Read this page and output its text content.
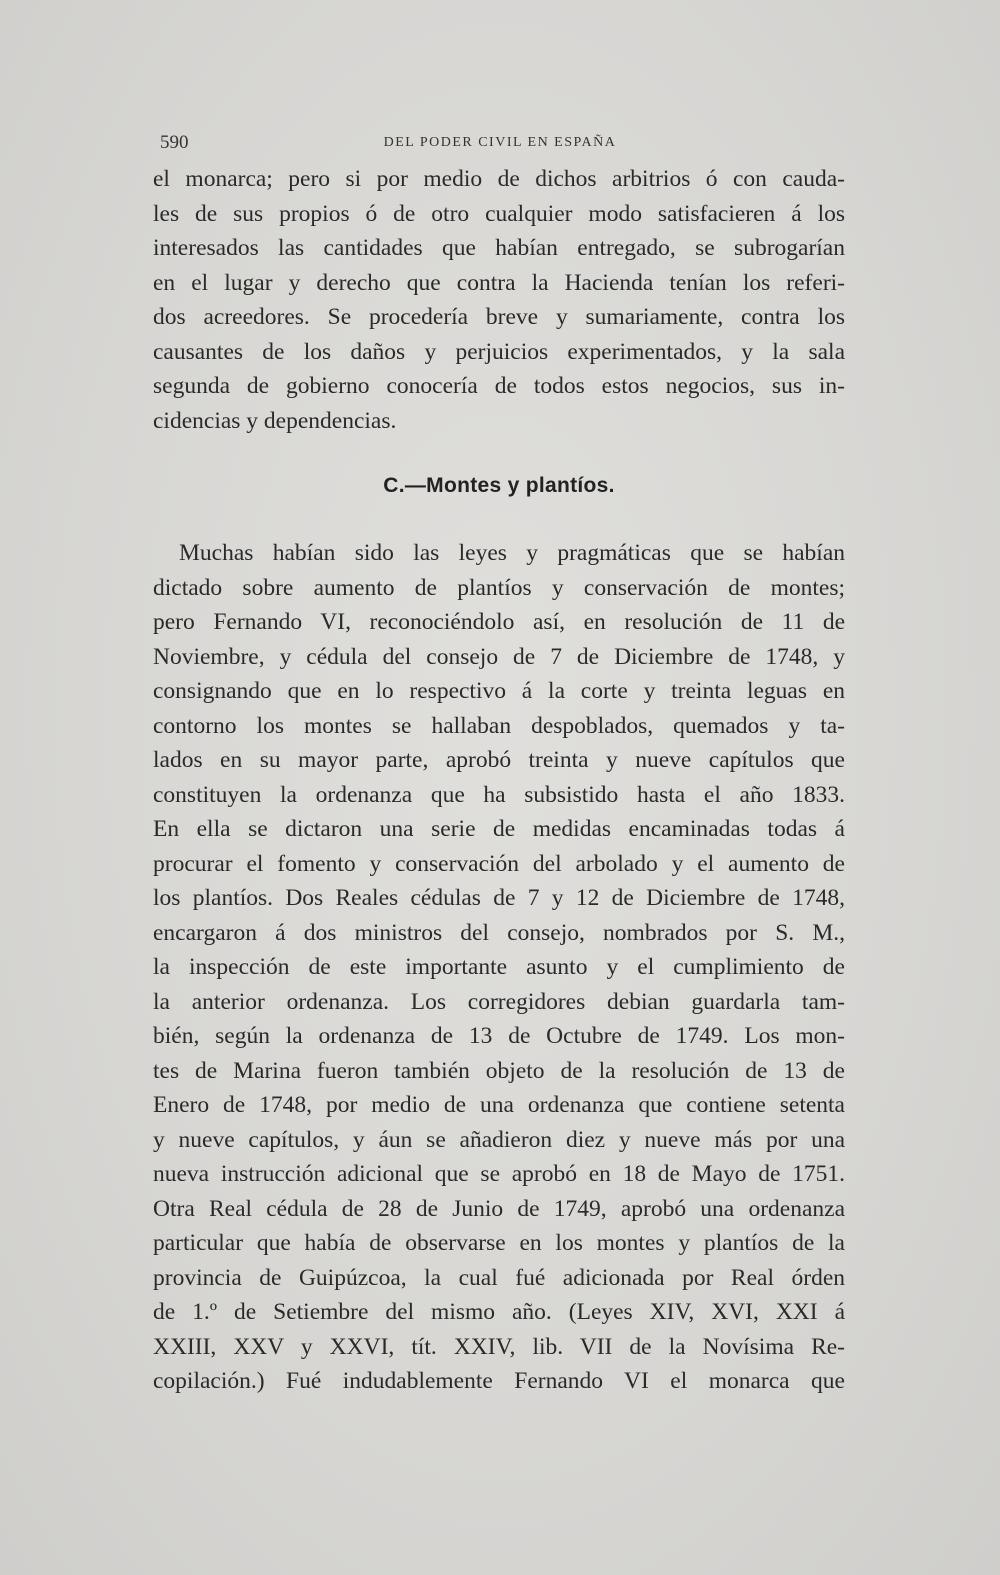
590	DEL PODER CIVIL EN ESPAÑA
el monarca; pero si por medio de dichos arbitrios ó con cauda-
les de sus propios ó de otro cualquier modo satisfacieren á los
interesados las cantidades que habían entregado, se subrogarían
en el lugar y derecho que contra la Hacienda tenían los referi-
dos acreedores. Se procedería breve y sumariamente, contra los
causantes de los daños y perjuicios experimentados, y la sala
segunda de gobierno conocería de todos estos negocios, sus in-
cidencias y dependencias.
C.—Montes y plantíos.
Muchas habían sido las leyes y pragmáticas que se habían
dictado sobre aumento de plantíos y conservación de montes;
pero Fernando VI, reconociéndolo así, en resolución de 11 de
Noviembre, y cédula del consejo de 7 de Diciembre de 1748, y
consignando que en lo respectivo á la corte y treinta leguas en
contorno los montes se hallaban despoblados, quemados y ta-
lados en su mayor parte, aprobó treinta y nueve capítulos que
constituyen la ordenanza que ha subsistido hasta el año 1833.
En ella se dictaron una serie de medidas encaminadas todas á
procurar el fomento y conservación del arbolado y el aumento de
los plantíos. Dos Reales cédulas de 7 y 12 de Diciembre de 1748,
encargaron á dos ministros del consejo, nombrados por S. M.,
la inspección de este importante asunto y el cumplimiento de
la anterior ordenanza. Los corregidores debian guardarla tam-
bién, según la ordenanza de 13 de Octubre de 1749. Los mon-
tes de Marina fueron también objeto de la resolución de 13 de
Enero de 1748, por medio de una ordenanza que contiene setenta
y nueve capítulos, y áun se añadieron diez y nueve más por una
nueva instrucción adicional que se aprobó en 18 de Mayo de 1751.
Otra Real cédula de 28 de Junio de 1749, aprobó una ordenanza
particular que había de observarse en los montes y plantíos de la
provincia de Guipúzcoa, la cual fué adicionada por Real órden
de 1.º de Setiembre del mismo año. (Leyes XIV, XVI, XXI á
XXIII, XXV y XXVI, tít. XXIV, lib. VII de la Novísima Re-
copilación.) Fué indudablemente Fernando VI el monarca que
